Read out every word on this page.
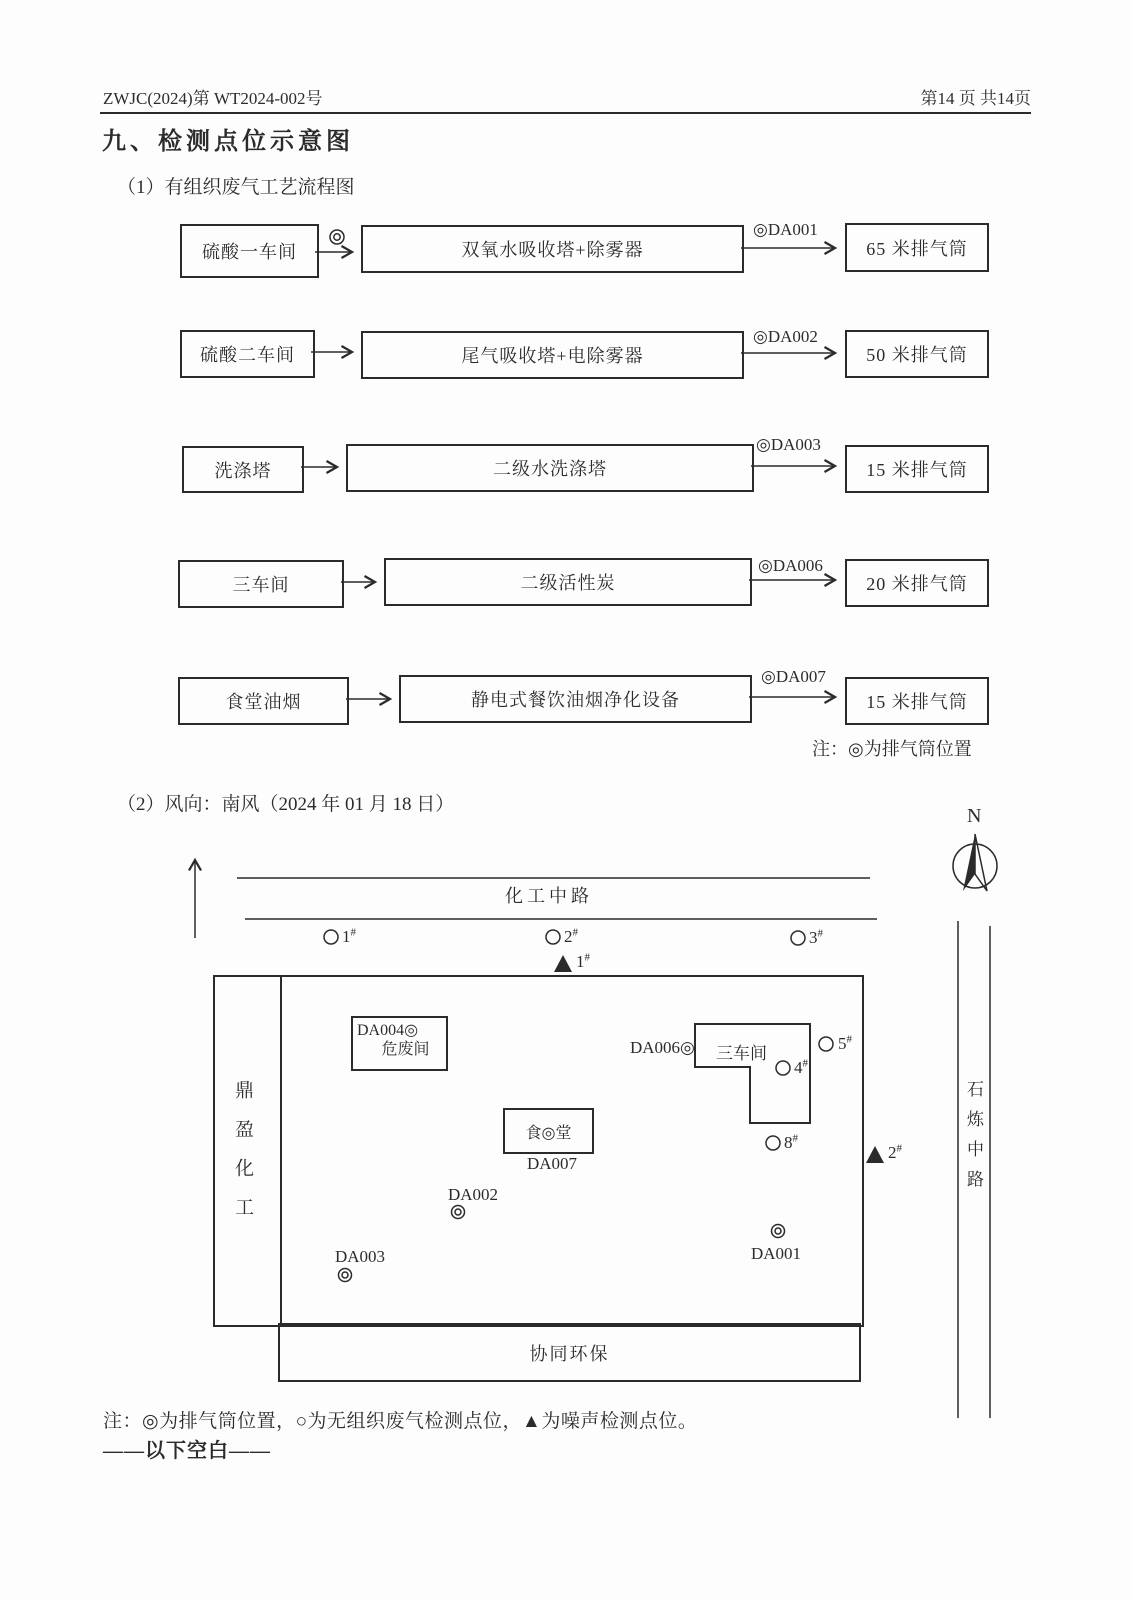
ZWJC(2024)第 WT2024-002号	第14 页 共14页
九、检测点位示意图
（1）有组织废气工艺流程图
硫酸一车间	双氧水吸收塔+除雾器
◎DA001
65 米排气筒
硫酸二车间	尾气吸收塔+电除雾器
◎DA002
50 米排气筒
洗涤塔	二级水洗涤塔
◎DA003
15 米排气筒
三车间	二级活性炭
◎DA006
20 米排气筒
食堂油烟	静电式餐饮油烟净化设备
◎DA007
15 米排气筒
注：◎为排气筒位置
（2）风向：南风（2024 年 01 月 18 日）
N
化工中路
1#	2#	3#
1#
2#
鼎盈化工
DA004◎
危废间	DA006◎ 三车间
5#
4#
8#
食◎堂
DA007
DA002
DA001
DA003
协同环保
石炼中路
注：◎为排气筒位置，○为无组织废气检测点位，▲为噪声检测点位。
——以下空白——
